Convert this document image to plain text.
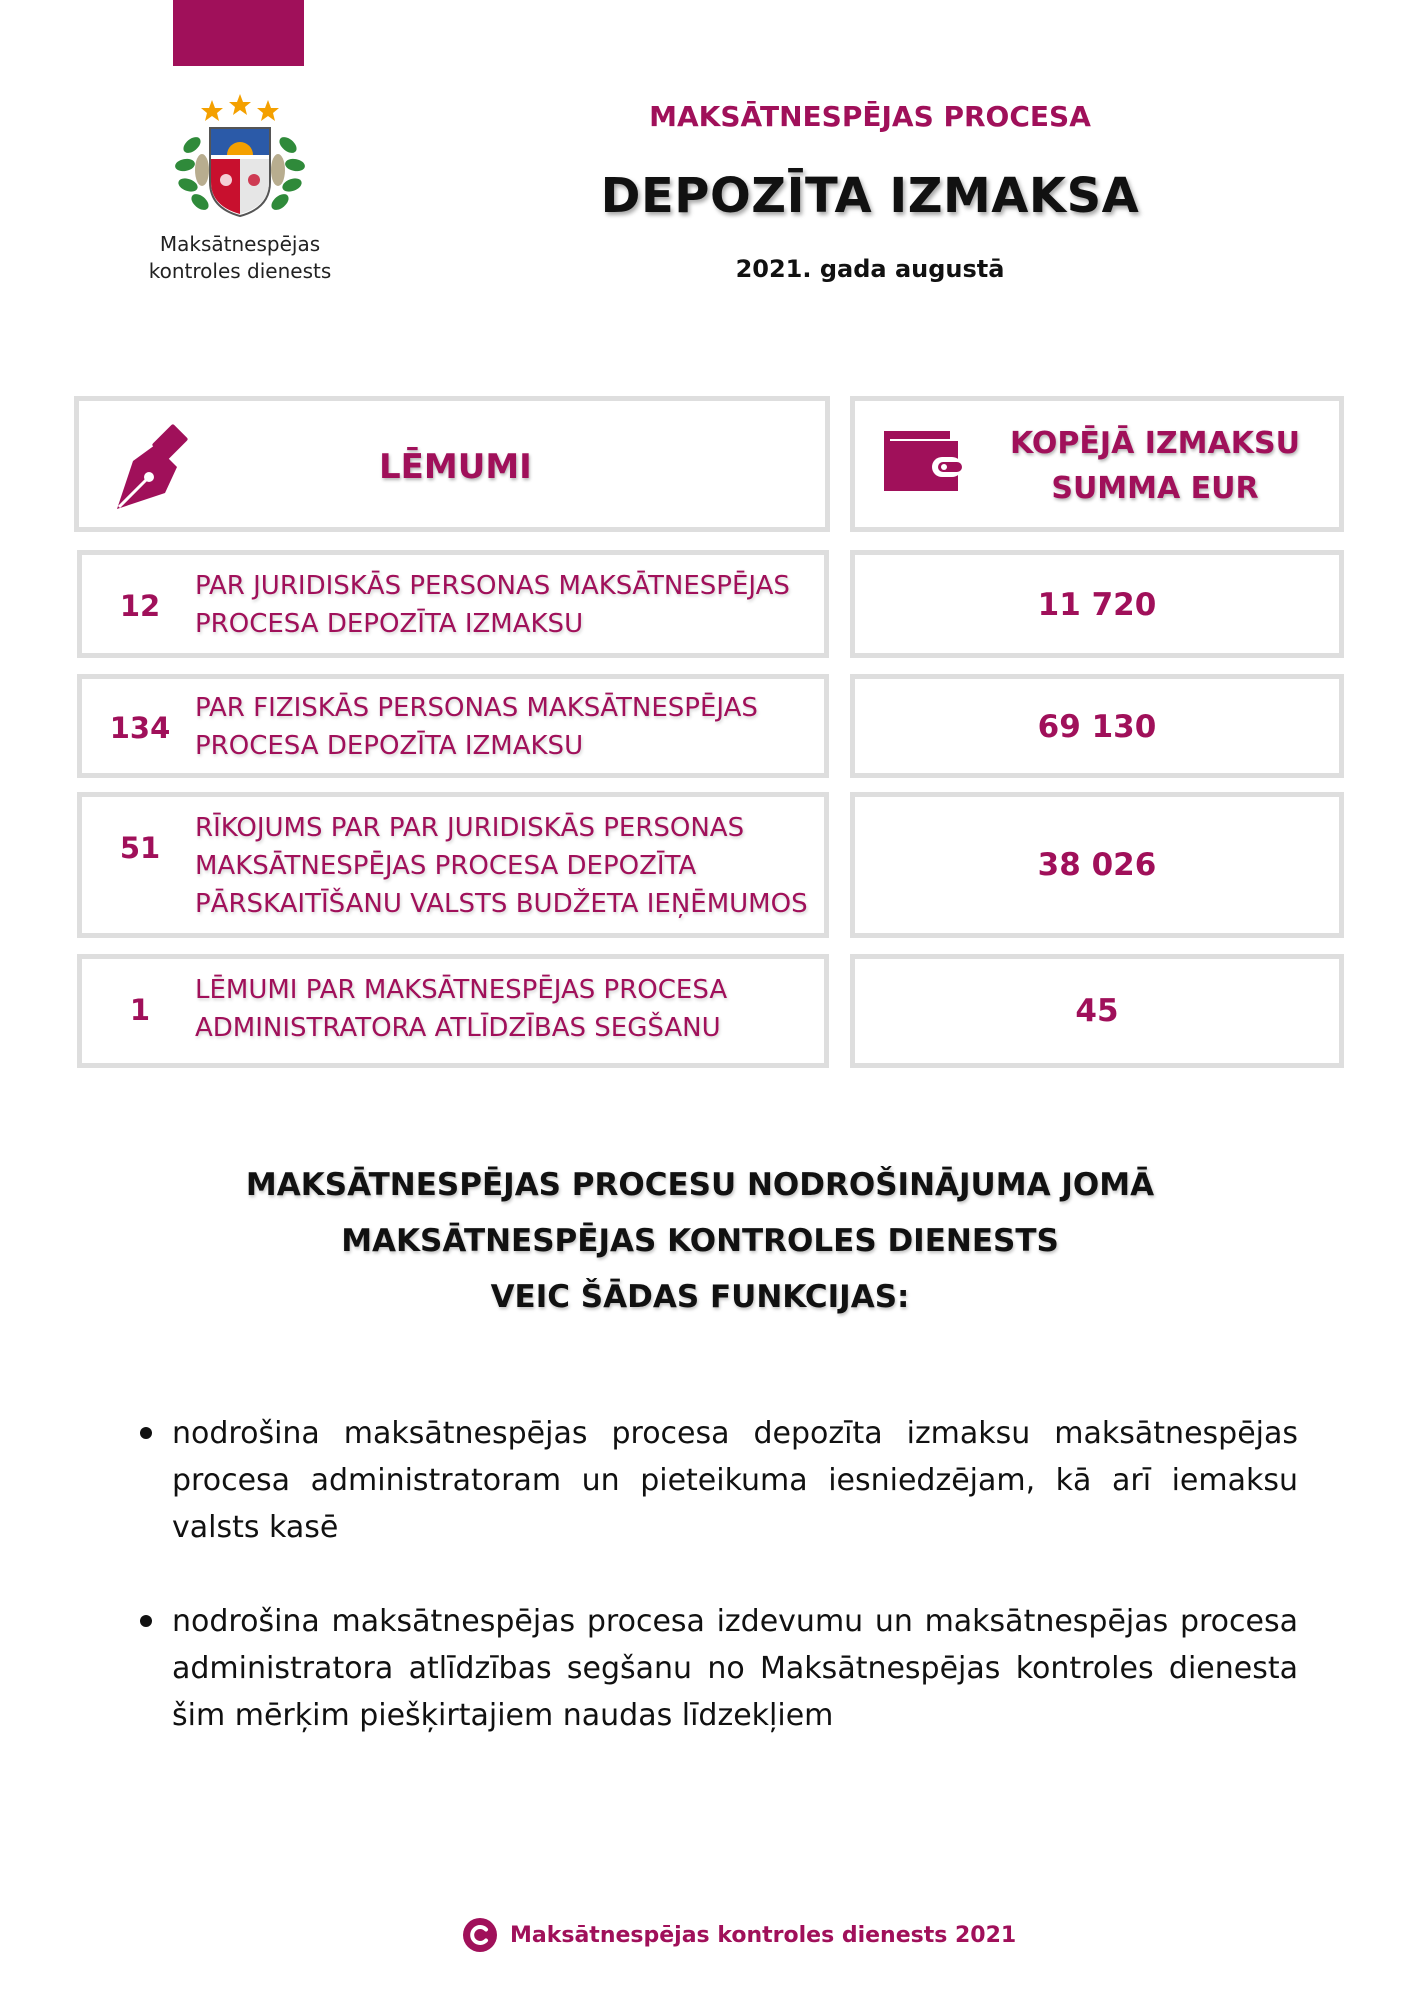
Maksātnespējas
kontroles dienests
MAKSĀTNESPĒJAS PROCESA
DEPOZĪTA IZMAKSA
2021. gada augustā
LĒMUMI
KOPĒJĀ IZMAKSU
SUMMA EUR
12
PAR JURIDISKĀS PERSONAS MAKSĀTNESPĒJAS
PROCESA DEPOZĪTA IZMAKSU
11 720
134
PAR FIZISKĀS PERSONAS MAKSĀTNESPĒJAS
PROCESA DEPOZĪTA IZMAKSU
69 130
51
RĪKOJUMS PAR PAR JURIDISKĀS PERSONAS
MAKSĀTNESPĒJAS PROCESA DEPOZĪTA
PĀRSKAITĪŠANU VALSTS BUDŽETA IEŅĒMUMOS
38 026
1
LĒMUMI PAR MAKSĀTNESPĒJAS PROCESA
ADMINISTRATORA ATLĪDZĪBAS SEGŠANU	45
MAKSĀTNESPĒJAS PROCESU NODROŠINĀJUMA JOMĀ
MAKSĀTNESPĒJAS KONTROLES DIENESTS
VEIC ŠĀDAS FUNKCIJAS:
nodrošina maksātnespējas procesa depozīta izmaksu maksātnespējas procesa administratoram un pieteikuma iesniedzējam, kā arī iemaksu valsts kasē
nodrošina maksātnespējas procesa izdevumu un maksātnespējas procesa administratora atlīdzības segšanu no Maksātnespējas kontroles dienesta šim mērķim piešķirtajiem naudas līdzekļiem
Maksātnespējas kontroles dienests 2021
